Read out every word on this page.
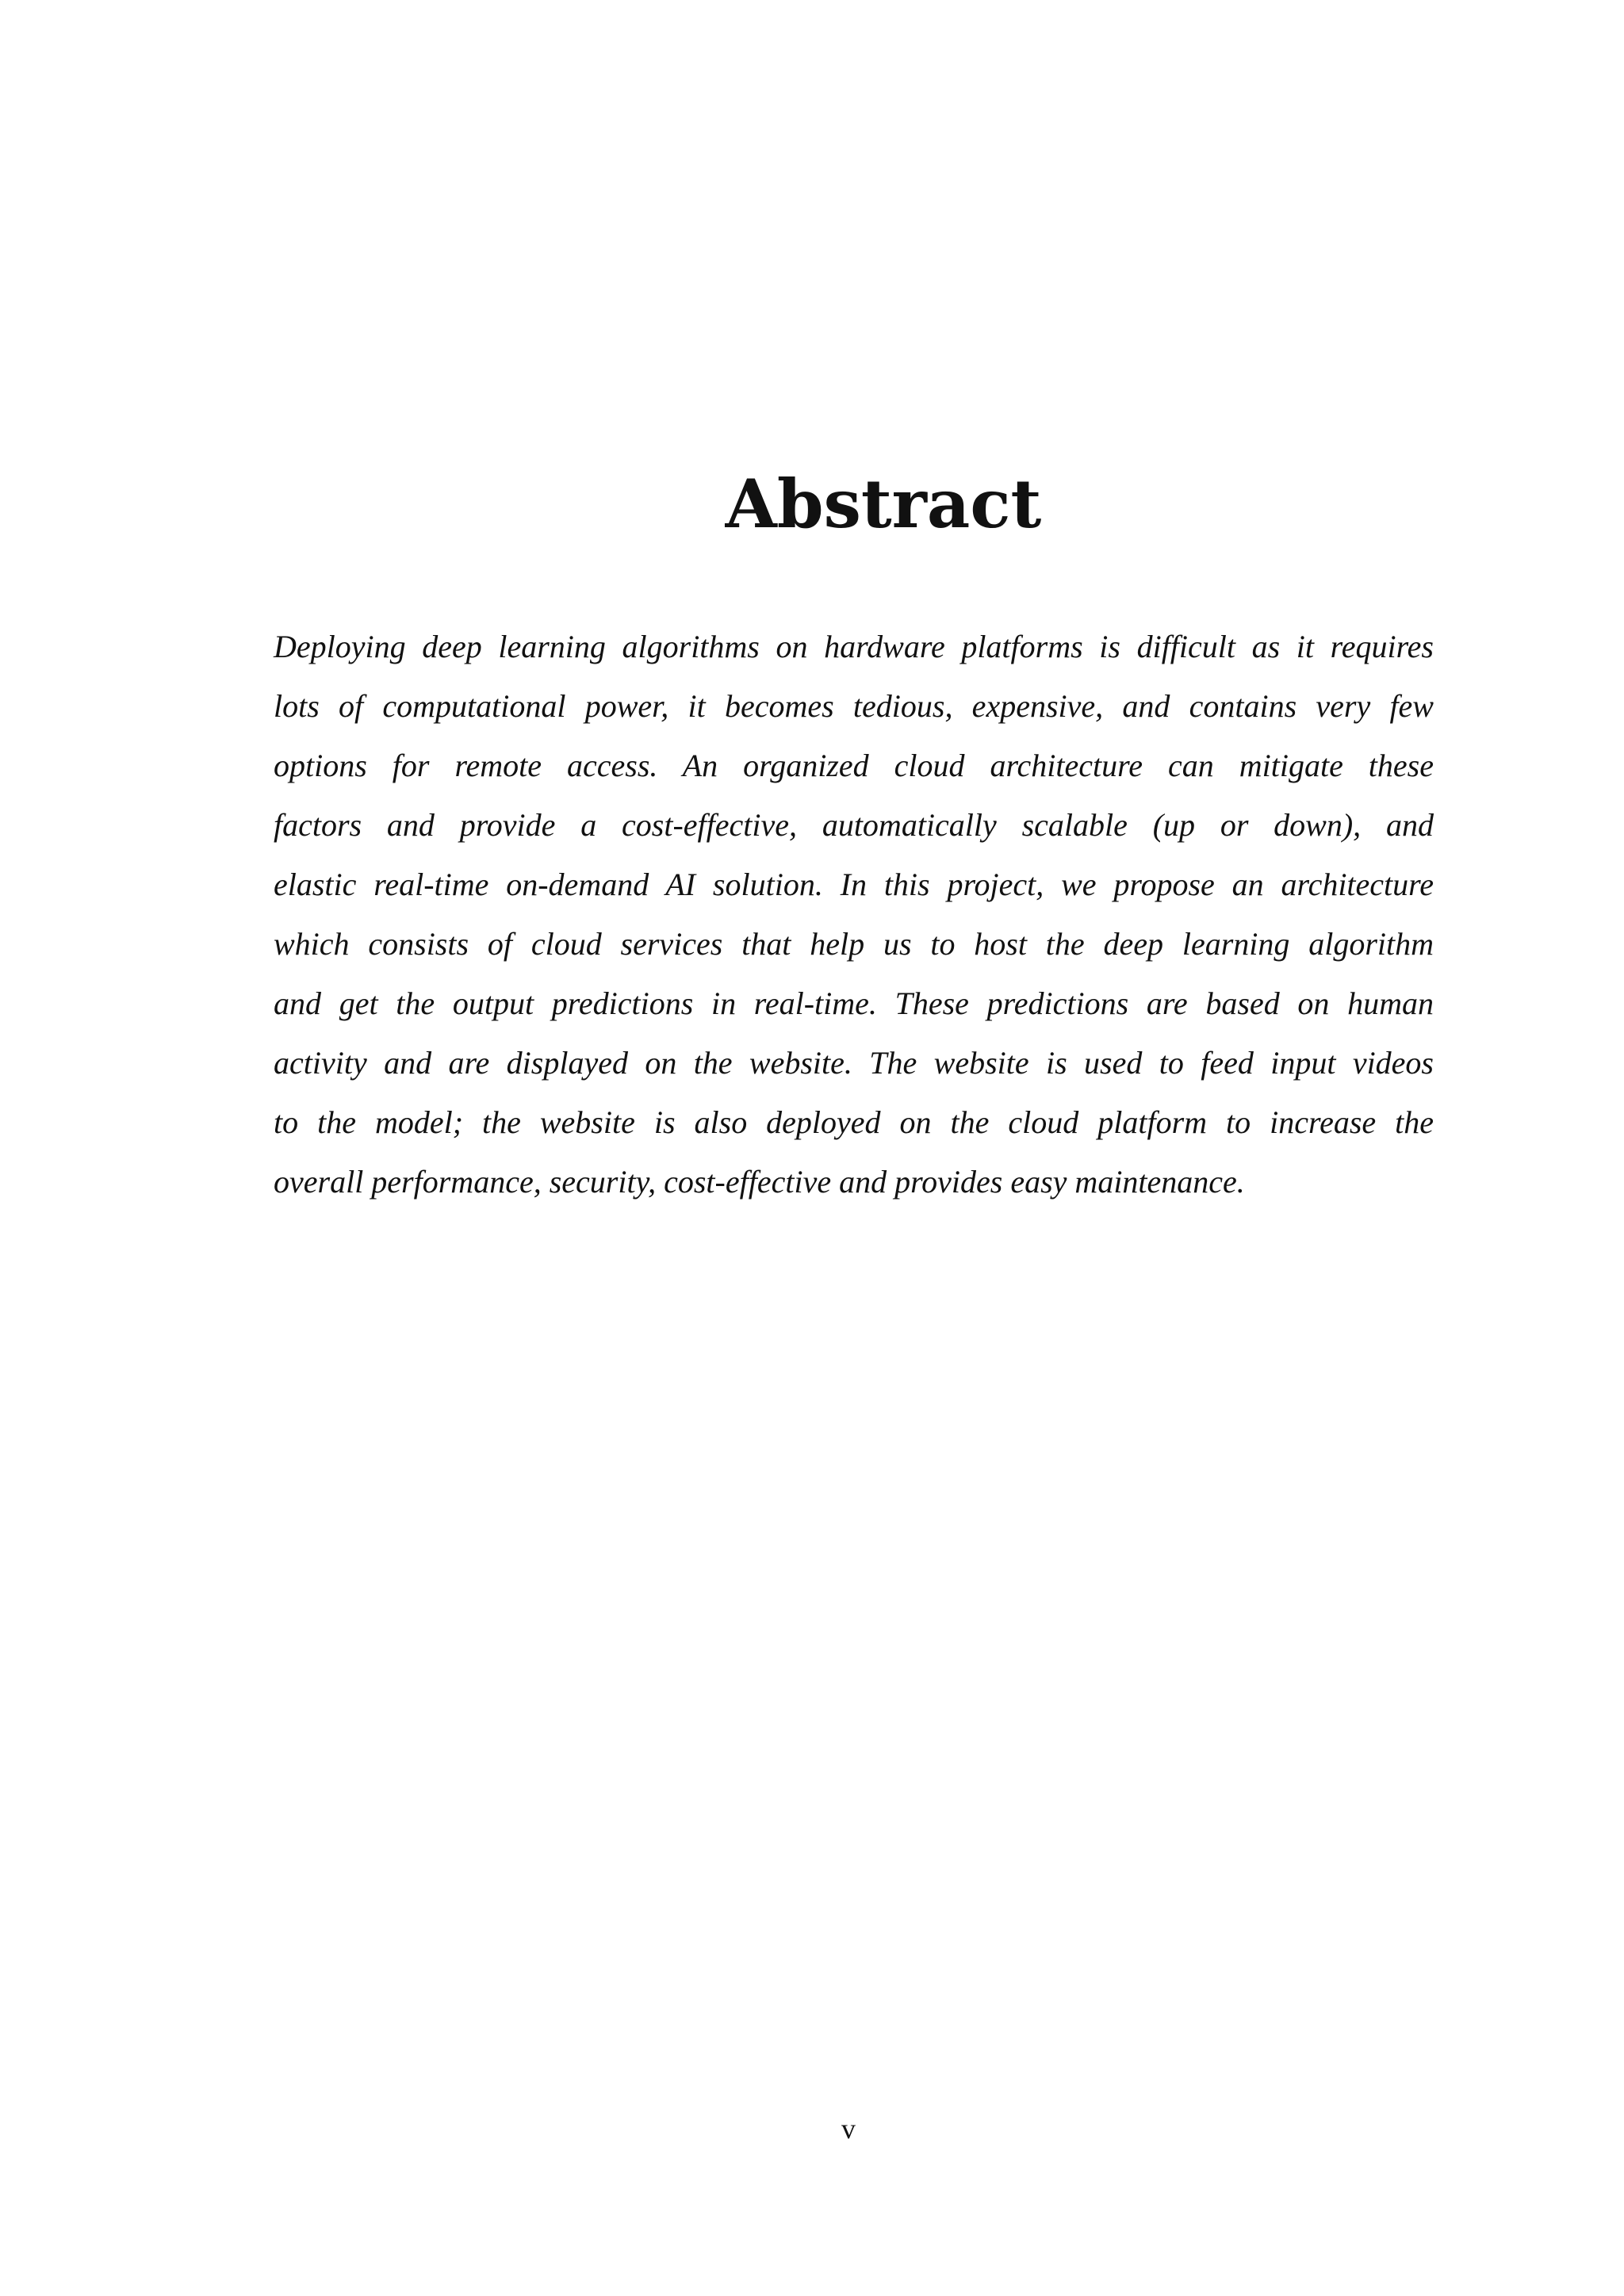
Abstract
Deploying deep learning algorithms on hardware platforms is difficult as it requires
lots of computational power, it becomes tedious, expensive, and contains very few
options for remote access. An organized cloud architecture can mitigate these
factors and provide a cost-effective, automatically scalable (up or down), and
elastic real-time on-demand AI solution. In this project, we propose an architecture
which consists of cloud services that help us to host the deep learning algorithm
and get the output predictions in real-time. These predictions are based on human
activity and are displayed on the website. The website is used to feed input videos
to the model; the website is also deployed on the cloud platform to increase the
overall performance, security, cost-effective and provides easy maintenance.
v
